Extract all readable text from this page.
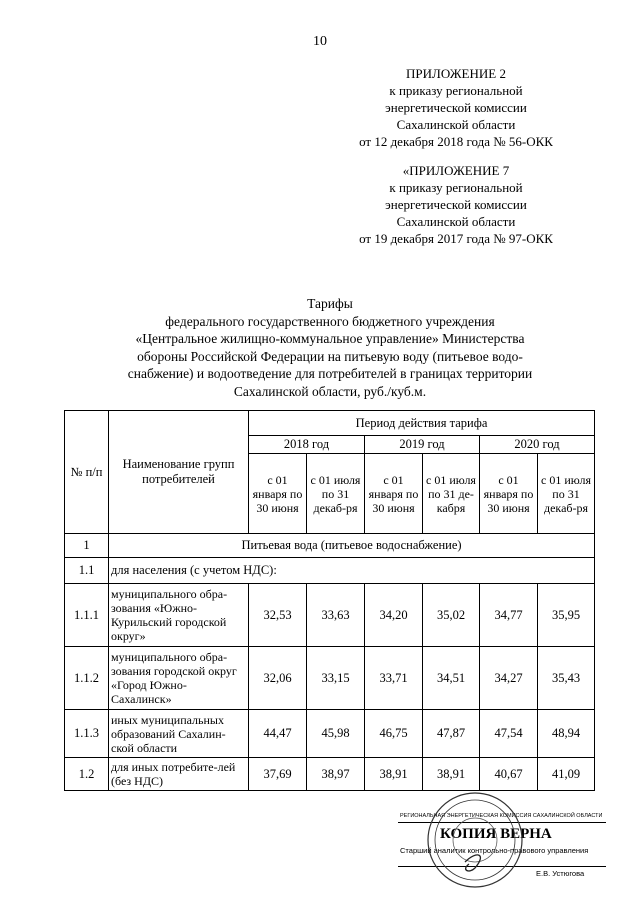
10
ПРИЛОЖЕНИЕ 2
к приказу региональной
энергетической комиссии
Сахалинской области
от 12 декабря 2018 года № 56-ОКК
«ПРИЛОЖЕНИЕ 7
к приказу региональной
энергетической комиссии
Сахалинской области
от 19 декабря 2017 года № 97-ОКК
Тарифы
федерального государственного бюджетного учреждения
«Центральное жилищно-коммунальное управление» Министерства
обороны Российской Федерации на питьевую воду (питьевое водо-
снабжение) и водоотведение для потребителей в границах территории
Сахалинской области, руб./куб.м.
№ п/п	Наименование групп потребителей	Период действия тарифа					
		2018 год		2019 год		2020 год	
		с 01 января по 30 июня	с 01 июля по 31 декаб-ря	с 01 января по 30 июня	с 01 июля по 31 де-кабря	с 01 января по 30 июня	с 01 июля по 31 декаб-ря
1	Питьевая вода (питьевое водоснабжение)						
1.1	для населения (с учетом НДС):						
1.1.1	муниципального обра-зования «Южно-Курильский городской округ»	32,53	33,63	34,20	35,02	34,77	35,95
1.1.2	муниципального обра-зования городской округ «Город Южно-Сахалинск»	32,06	33,15	33,71	34,51	34,27	35,43
1.1.3	иных муниципальных образований Сахалин-ской области	44,47	45,98	46,75	47,87	47,54	48,94
1.2	для иных потребите-лей (без НДС)	37,69	38,97	38,91	38,91	40,67	41,09
РЕГИОНАЛЬНАЯ ЭНЕРГЕТИЧЕСКАЯ КОМИССИЯ САХАЛИНСКОЙ ОБЛАСТИ
КОПИЯ ВЕРНА
Старший аналитик контрольно-правового управления
Е.В. Устюгова
